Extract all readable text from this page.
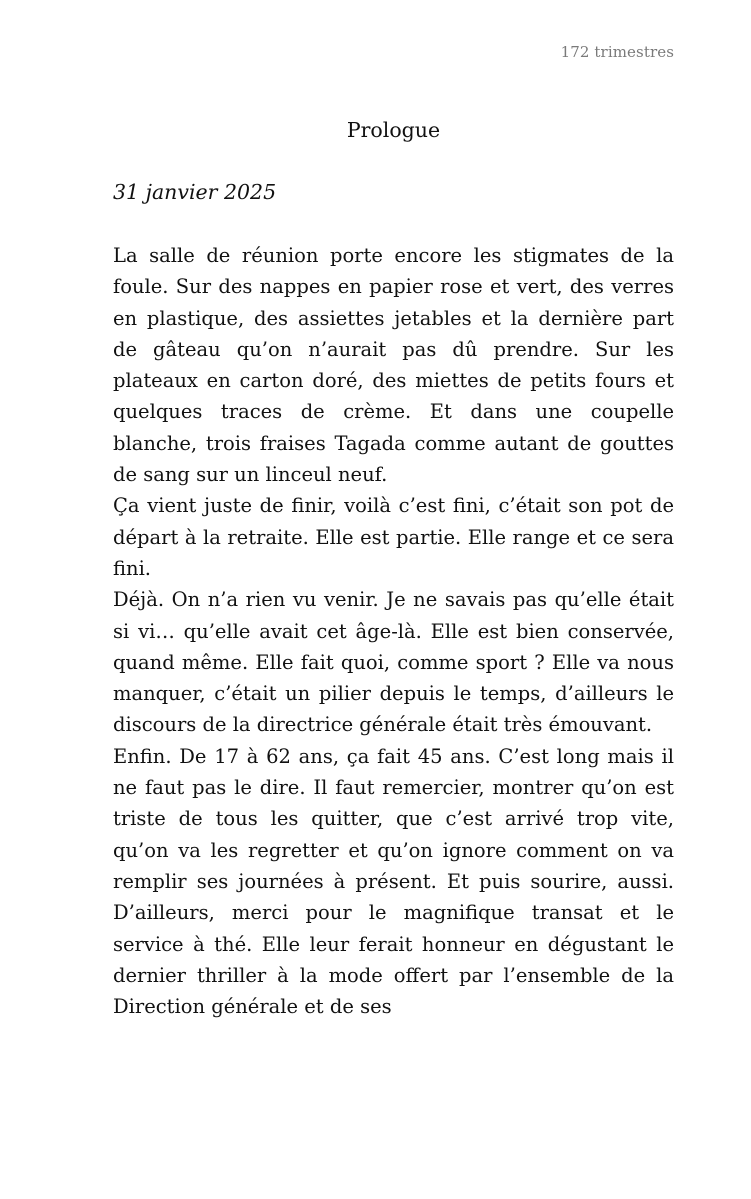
172 trimestres
Prologue
31 janvier 2025

La salle de réunion porte encore les stigmates de la foule. Sur des nappes en papier rose et vert, des verres en plastique, des assiettes jetables et la dernière part de gâteau qu’on n’aurait pas dû prendre. Sur les plateaux en carton doré, des miettes de petits fours et quelques traces de crème. Et dans une coupelle blanche, trois fraises Tagada comme autant de gouttes de sang sur un linceul neuf.

Ça vient juste de finir, voilà c’est fini, c’était son pot de départ à la retraite. Elle est partie. Elle range et ce sera fini.

Déjà. On n’a rien vu venir. Je ne savais pas qu’elle était si vi… qu’elle avait cet âge-là. Elle est bien conservée, quand même. Elle fait quoi, comme sport ? Elle va nous manquer, c’était un pilier depuis le temps, d’ailleurs le discours de la directrice générale était très émouvant.

Enfin. De 17 à 62 ans, ça fait 45 ans. C’est long mais il ne faut pas le dire. Il faut remercier, montrer qu’on est triste de tous les quitter, que c’est arrivé trop vite, qu’on va les regretter et qu’on ignore comment on va remplir ses journées à présent. Et puis sourire, aussi. D’ailleurs, merci pour le magnifique transat et le service à thé. Elle leur ferait honneur en dégustant le dernier thriller à la mode offert par l’ensemble de la Direction générale et de ses
